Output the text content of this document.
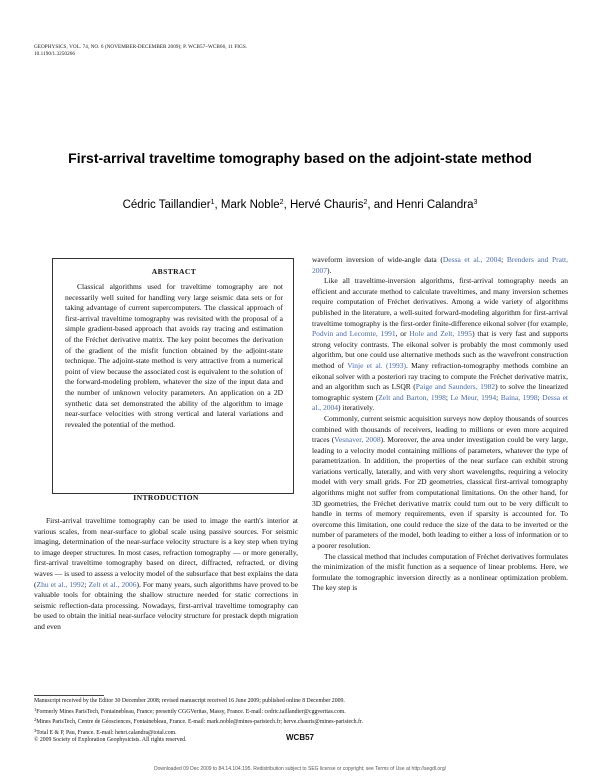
GEOPHYSICS, VOL. 74, NO. 6 (NOVEMBER-DECEMBER 2009); P. WCB57–WCB66, 11 FIGS.
10.1190/1.3250266
First-arrival traveltime tomography based on the adjoint-state method
Cédric Taillandier$^1$, Mark Noble$^2$, Hervé Chauris$^2$, and Henri Calandra$^3$
ABSTRACT

Classical algorithms used for traveltime tomography are not necessarily well suited for handling very large seismic data sets or for taking advantage of current supercomputers. The classical approach of first-arrival traveltime tomography was revisited with the proposal of a simple gradient-based approach that avoids ray tracing and estimation of the Fréchet derivative matrix. The key point becomes the derivation of the gradient of the misfit function obtained by the adjoint-state technique. The adjoint-state method is very attractive from a numerical point of view because the associated cost is equivalent to the solution of the forward-modeling problem, whatever the size of the input data and the number of unknown velocity parameters. An application on a 2D synthetic data set demonstrated the ability of the algorithm to image near-surface velocities with strong vertical and lateral variations and revealed the potential of the method.

INTRODUCTION

First-arrival traveltime tomography can be used to image the earth's interior at various scales, from near-surface to global scale using passive sources. For seismic imaging, determination of the near-surface velocity structure is a key step when trying to image deeper structures. In most cases, refraction tomography — or more generally, first-arrival traveltime tomography based on direct, diffracted, refracted, or diving waves — is used to assess a velocity model of the subsurface that best explains the data (Zhu et al., 1992; Zelt et al., 2006). For many years, such algorithms have proved to be valuable tools for obtaining the shallow structure needed for static corrections in seismic reflection-data processing. Nowadays, first-arrival traveltime tomography can be used to obtain the initial near-surface velocity structure for prestack depth migration and even

waveform inversion of wide-angle data (Dessa et al., 2004; Brenders and Pratt, 2007).

Like all traveltime-inversion algorithms, first-arrival tomography needs an efficient and accurate method to calculate traveltimes, and many inversion schemes require computation of Fréchet derivatives. Among a wide variety of algorithms published in the literature, a well-suited forward-modeling algorithm for first-arrival traveltime tomography is the first-order finite-difference eikonal solver (for example, Podvin and Lecomte, 1991, or Hole and Zelt, 1995) that is very fast and supports strong velocity contrasts. The eikonal solver is probably the most commonly used algorithm, but one could use alternative methods such as the wavefront construction method of Vinje et al. (1993). Many refraction-tomography methods combine an eikonal solver with a posteriori ray tracing to compute the Fréchet derivative matrix, and an algorithm such as LSQR (Paige and Saunders, 1982) to solve the linearized tomographic system (Zelt and Barton, 1998; Le Meur, 1994; Baina, 1998; Dessa et al., 2004) iteratively.

Commonly, current seismic acquisition surveys now deploy thousands of sources combined with thousands of receivers, leading to millions or even more acquired traces (Vesnaver, 2008). Moreover, the area under investigation could be very large, leading to a velocity model containing millions of parameters, whatever the type of parametrization. In addition, the properties of the near surface can exhibit strong variations vertically, laterally, and with very short wavelengths, requiring a velocity model with very small grids. For 2D geometries, classical first-arrival tomography algorithms might not suffer from computational limitations. On the other hand, for 3D geometries, the Fréchet derivative matrix could turn out to be very difficult to handle in terms of memory requirements, even if sparsity is accounted for. To overcome this limitation, one could reduce the size of the data to be inverted or the number of parameters of the model, both leading to either a loss of information or to a poorer resolution.

The classical method that includes computation of Fréchet derivatives formulates the minimization of the misfit function as a sequence of linear problems. Here, we formulate the tomographic inversion directly as a nonlinear optimization problem. The key step is

Manuscript received by the Editor 30 December 2008; revised manuscript received 16 June 2009; published online 8 December 2009.
$^1$Formerly Mines ParisTech, Fontainebleau, France; presently CGGVeritas, Massy, France. E-mail: cedric.taillandier@cggveritas.com.
$^2$Mines ParisTech, Centre de Géosciences, Fontainebleau, France. E-mail: mark.noble@mines-paristech.fr; herve.chauris@mines-paristech.fr.
$^3$Total E & P, Pau, France. E-mail: henri.calandra@total.com.
© 2009 Society of Exploration Geophysicists. All rights reserved.	WCB57
Downloaded 09 Dec 2009 to 84.14.104.195. Redistribution subject to SEG license or copyright; see Terms of Use at http://segdl.org/
